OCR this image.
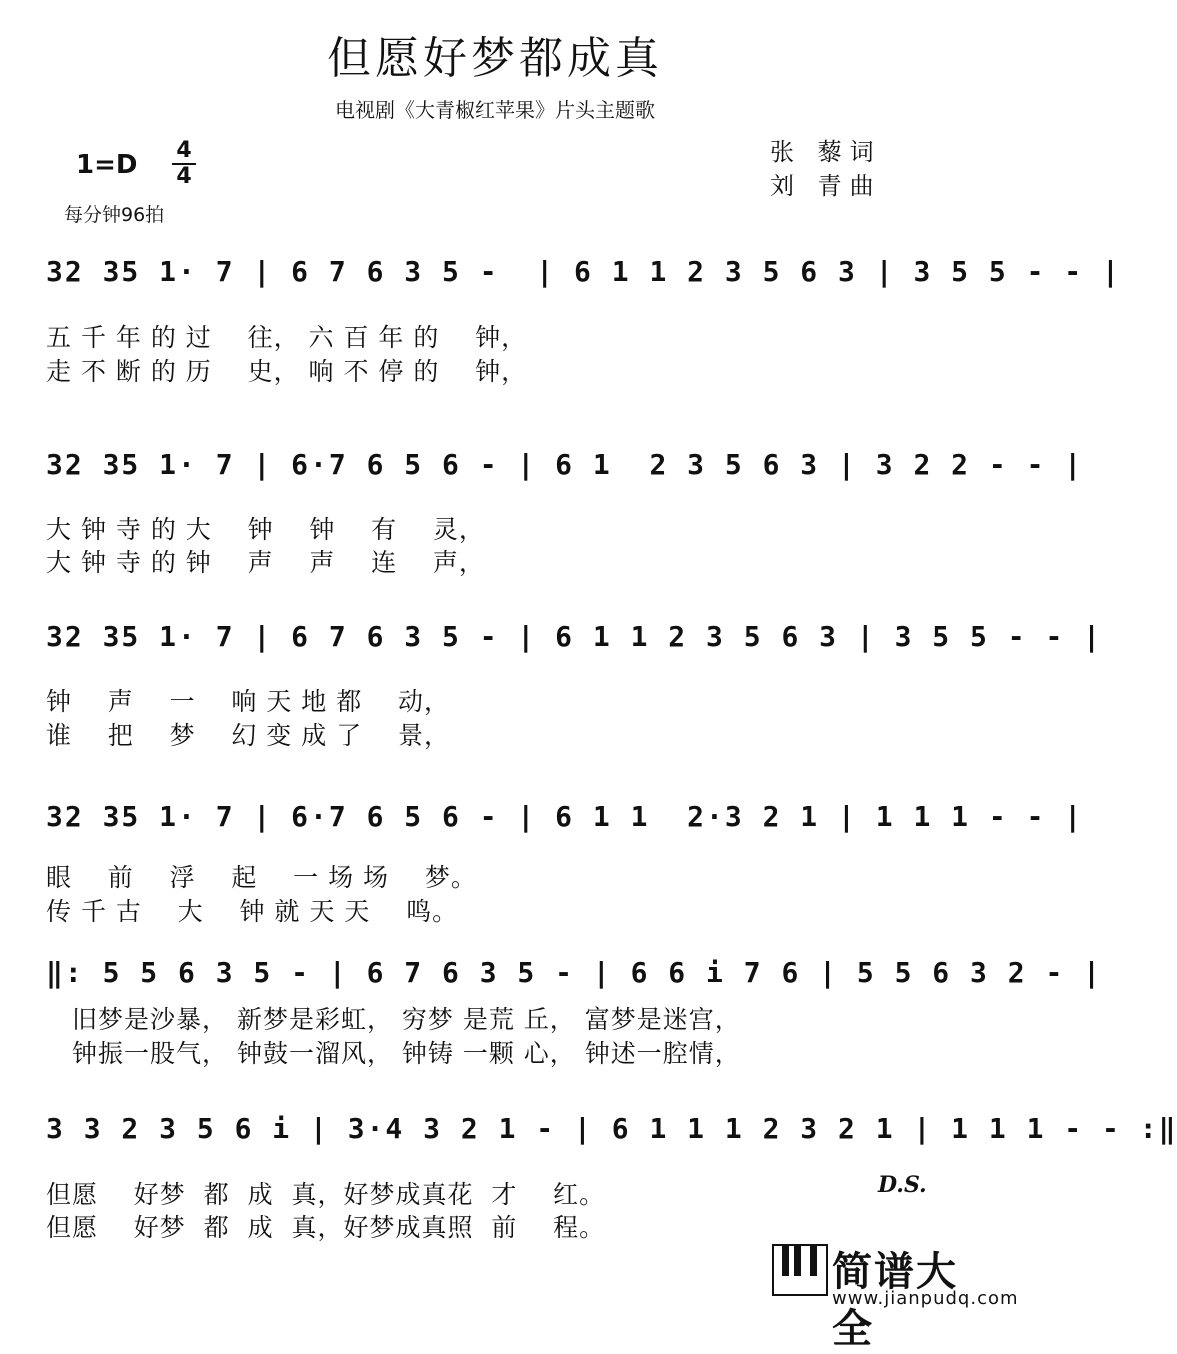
但愿好梦都成真
电视剧《大青椒红苹果》片头主题歌
1=D 4
4
每分钟96拍
张 藜词
刘 青曲
32 35 1· 7 | 6 7 6 3 5 -  | 6 1 1 2 3 5 6 3 | 3 5 5 - - |
五 千 年 的 过    往， 六 百 年 的    钟，
走 不 断 的 历    史， 响 不 停 的    钟，
32 35 1· 7 | 6·7 6 5 6 - | 6 1  2 3 5 6 3 | 3 2 2 - - |
大 钟 寺 的 大    钟    钟    有    灵，
大 钟 寺 的 钟    声    声    连    声，
32 35 1· 7 | 6 7 6 3 5 - | 6 1 1 2 3 5 6 3 | 3 5 5 - - |
钟    声    一    响 天 地 都    动，
谁    把    梦    幻 变 成 了    景，
32 35 1· 7 | 6·7 6 5 6 - | 6 1 1  2·3 2 1 | 1 1 1 - - |
眼    前    浮    起    一 场 场    梦。
传 千 古    大    钟 就 天 天    鸣。
‖: 5 5 6 3 5 - | 6 7 6 3 5 - | 6 6 i 7 6 | 5 5 6 3 2 - |
旧梦是沙暴， 新梦是彩虹， 穷梦 是荒 丘， 富梦是迷宫，
钟振一股气， 钟鼓一溜风， 钟铸 一颗 心， 钟述一腔情，
3 3 2 3 5 6 i | 3·4 3 2 1 - | 6 1 1 1 2 3 2 1 | 1 1 1 - - :‖
但愿    好梦  都  成  真，好梦成真花  才    红。
但愿    好梦  都  成  真，好梦成真照  前    程。
D.S.
简谱大全
www.jianpudq.com
